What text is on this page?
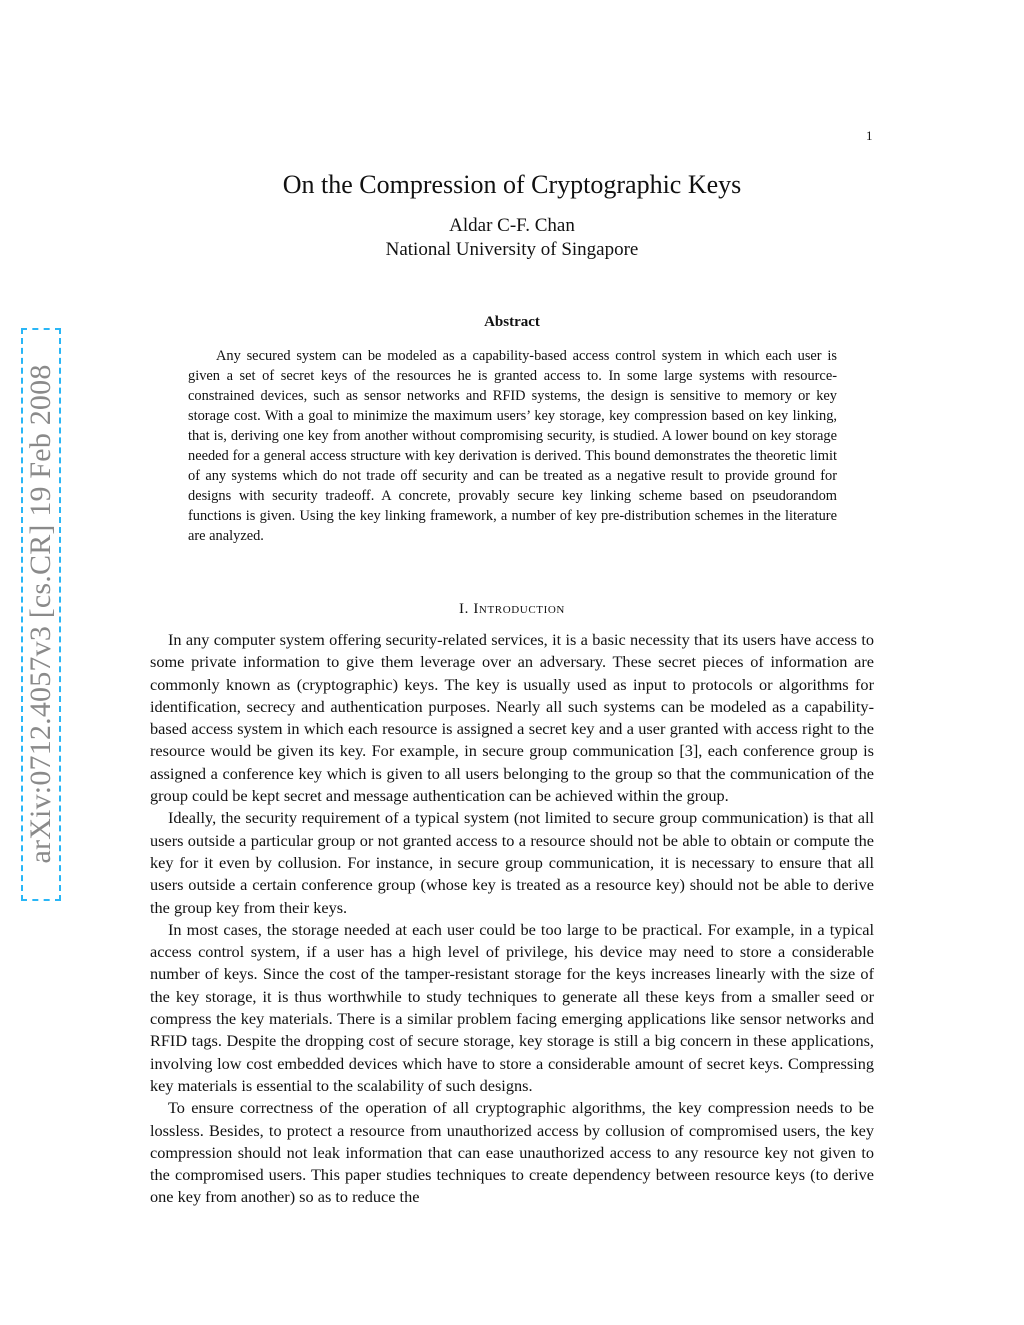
1
arXiv:0712.4057v3 [cs.CR] 19 Feb 2008
On the Compression of Cryptographic Keys
Aldar C-F. Chan
National University of Singapore
Abstract

Any secured system can be modeled as a capability-based access control system in which each user is given a set of secret keys of the resources he is granted access to. In some large systems with resource-constrained devices, such as sensor networks and RFID systems, the design is sensitive to memory or key storage cost. With a goal to minimize the maximum users’ key storage, key compression based on key linking, that is, deriving one key from another without compromising security, is studied. A lower bound on key storage needed for a general access structure with key derivation is derived. This bound demonstrates the theoretic limit of any systems which do not trade off security and can be treated as a negative result to provide ground for designs with security tradeoff. A concrete, provably secure key linking scheme based on pseudorandom functions is given. Using the key linking framework, a number of key pre-distribution schemes in the literature are analyzed.

I. Introduction

In any computer system offering security-related services, it is a basic necessity that its users have access to some private information to give them leverage over an adversary. These secret pieces of information are commonly known as (cryptographic) keys. The key is usually used as input to protocols or algorithms for identification, secrecy and authentication purposes. Nearly all such systems can be modeled as a capability-based access system in which each resource is assigned a secret key and a user granted with access right to the resource would be given its key. For example, in secure group communication [3], each conference group is assigned a conference key which is given to all users belonging to the group so that the communication of the group could be kept secret and message authentication can be achieved within the group.

Ideally, the security requirement of a typical system (not limited to secure group communication) is that all users outside a particular group or not granted access to a resource should not be able to obtain or compute the key for it even by collusion. For instance, in secure group communication, it is necessary to ensure that all users outside a certain conference group (whose key is treated as a resource key) should not be able to derive the group key from their keys.

In most cases, the storage needed at each user could be too large to be practical. For example, in a typical access control system, if a user has a high level of privilege, his device may need to store a considerable number of keys. Since the cost of the tamper-resistant storage for the keys increases linearly with the size of the key storage, it is thus worthwhile to study techniques to generate all these keys from a smaller seed or compress the key materials. There is a similar problem facing emerging applications like sensor networks and RFID tags. Despite the dropping cost of secure storage, key storage is still a big concern in these applications, involving low cost embedded devices which have to store a considerable amount of secret keys. Compressing key materials is essential to the scalability of such designs.

To ensure correctness of the operation of all cryptographic algorithms, the key compression needs to be lossless. Besides, to protect a resource from unauthorized access by collusion of compromised users, the key compression should not leak information that can ease unauthorized access to any resource key not given to the compromised users. This paper studies techniques to create dependency between resource keys (to derive one key from another) so as to reduce the
